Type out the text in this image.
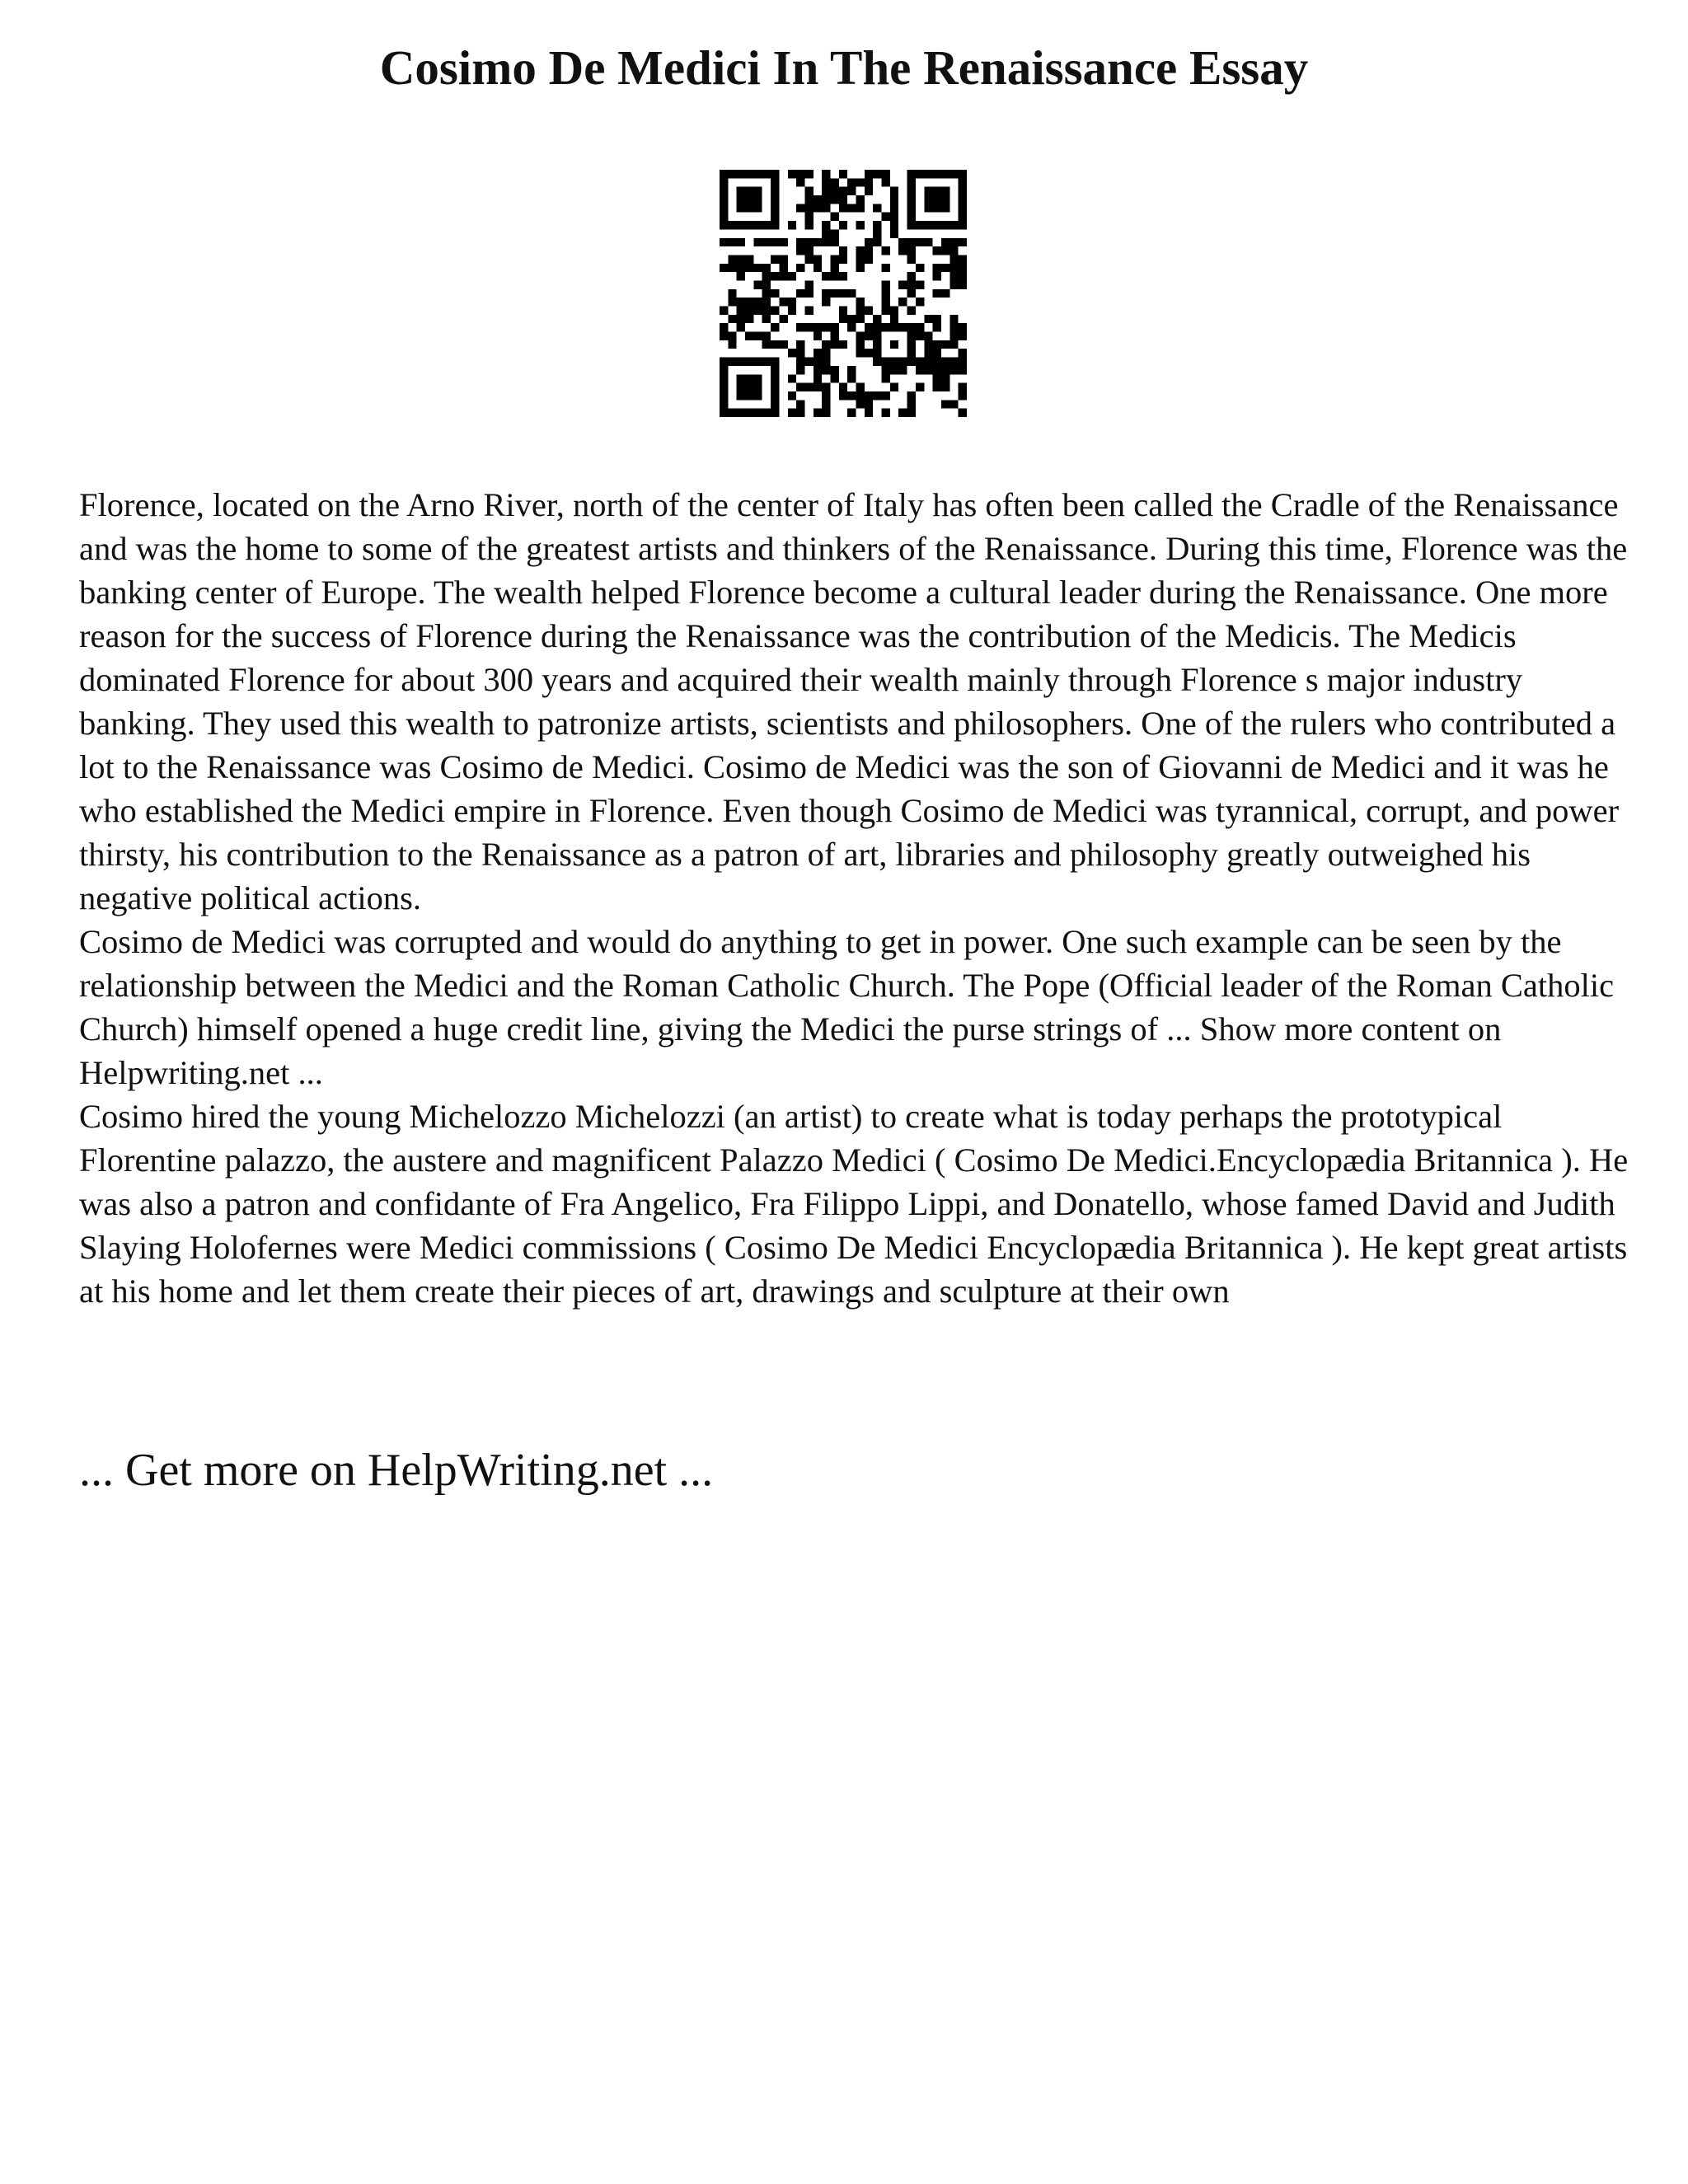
Cosimo De Medici In The Renaissance Essay

Florence, located on the Arno River, north of the center of Italy has often been called the Cradle of the Renaissance and was the home to some of the greatest artists and thinkers of the Renaissance. During this time, Florence was the banking center of Europe. The wealth helped Florence become a cultural leader during the Renaissance. One more reason for the success of Florence during the Renaissance was the contribution of the Medicis. The Medicis dominated Florence for about 300 years and acquired their wealth mainly through Florence s major industry banking. They used this wealth to patronize artists, scientists and philosophers. One of the rulers who contributed a lot to the Renaissance was Cosimo de Medici. Cosimo de Medici was the son of Giovanni de Medici and it was he who established the Medici empire in Florence. Even though Cosimo de Medici was tyrannical, corrupt, and power thirsty, his contribution to the Renaissance as a patron of art, libraries and philosophy greatly outweighed his negative political actions.

Cosimo de Medici was corrupted and would do anything to get in power. One such example can be seen by the relationship between the Medici and the Roman Catholic Church. The Pope (Official leader of the Roman Catholic Church) himself opened a huge credit line, giving the Medici the purse strings of ... Show more content on Helpwriting.net ...

Cosimo hired the young Michelozzo Michelozzi (an artist) to create what is today perhaps the prototypical Florentine palazzo, the austere and magnificent Palazzo Medici ( Cosimo De Medici.Encyclopædia Britannica ). He was also a patron and confidante of Fra Angelico, Fra Filippo Lippi, and Donatello, whose famed David and Judith Slaying Holofernes were Medici commissions ( Cosimo De Medici Encyclopædia Britannica ). He kept great artists at his home and let them create their pieces of art, drawings and sculpture at their own

... Get more on HelpWriting.net ...
